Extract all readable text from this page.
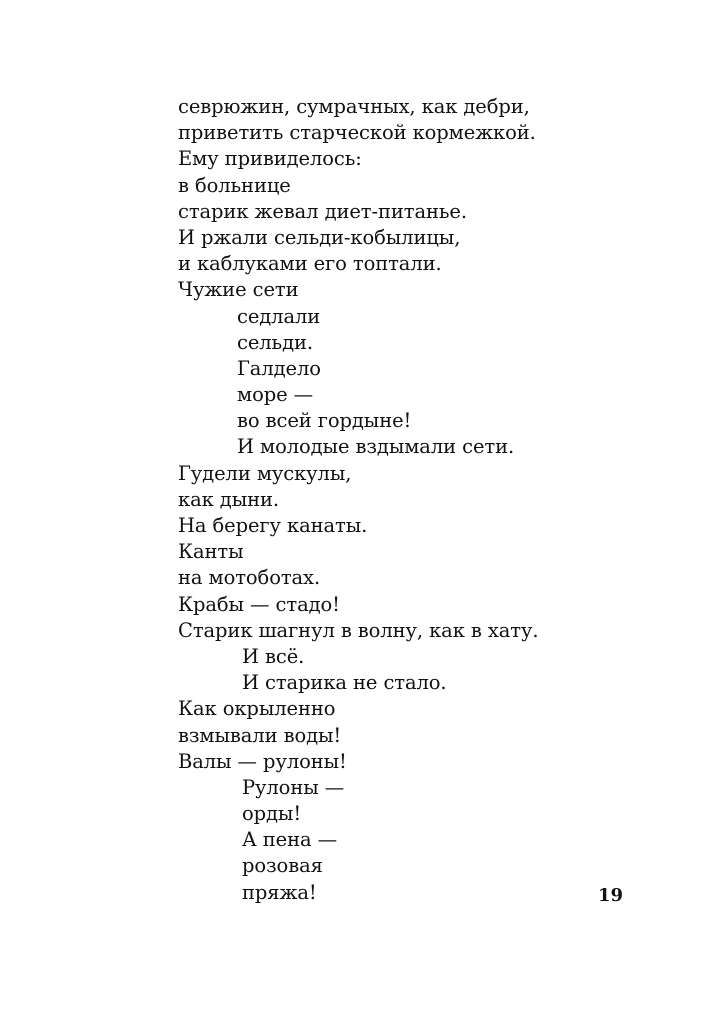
севрюжин, сумрачных, как дебри,
приветить старческой кормежкой.
Ему привиделось:
в больнице
старик жевал диет-питанье.
И ржали сельди-кобылицы,
и каблуками его топтали.
Чужие сети
седлали
сельди.
Галдело
море —
во всей гордыне!
И молодые вздымали сети.
Гудели мускулы,
как дыни.
На берегу канаты.
Канты
на мотоботах.
Крабы — стадо!
Старик шагнул в волну, как в хату.
И всё.
И старика не стало.
Как окрыленно
взмывали воды!
Валы — рулоны!
Рулоны —
орды!
А пена —
розовая
пряжа!	19
